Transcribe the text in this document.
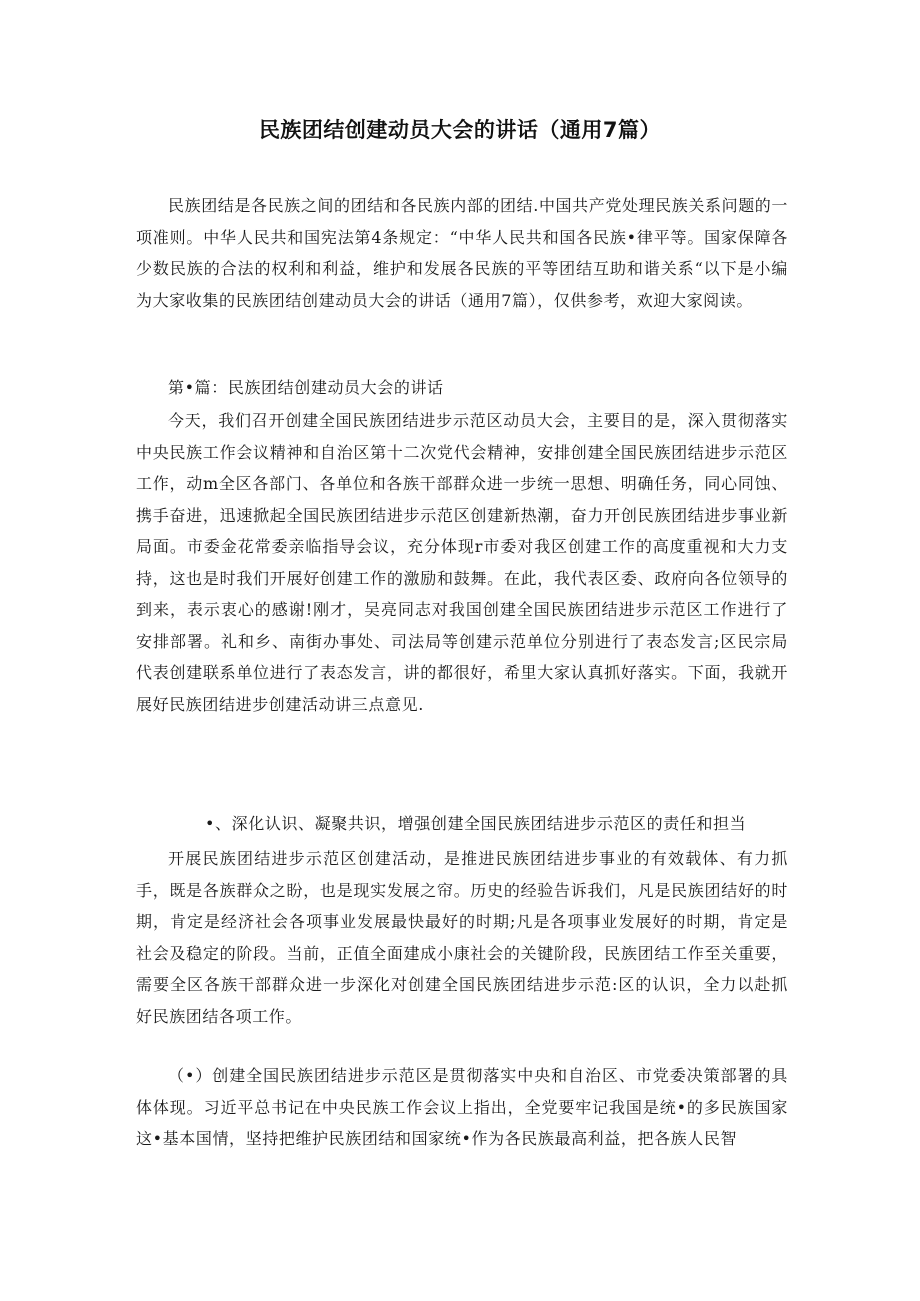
民族团结创建动员大会的讲话（通用7篇）

民族团结是各民族之间的团结和各民族内部的团结.中国共产党处理民族关系问题的一项准则。中华人民共和国宪法第4条规定：“中华人民共和国各民族•律平等。国家保障各少数民族的合法的权利和利益，维护和发展各民族的平等团结互助和谐关系“以下是小编为大家收集的民族团结创建动员大会的讲话（通用7篇），仅供参考，欢迎大家阅读。

第•篇：民族团结创建动员大会的讲话

今天，我们召开创建全国民族团结进步示范区动员大会，主要目的是，深入贯彻落实中央民族工作会议精神和自治区第十二次党代会精神，安排创建全国民族团结进步示范区工作，动m全区各部门、各单位和各族干部群众进一步统一思想、明确任务，同心同蚀、携手奋进，迅速掀起全国民族团结进步示范区创建新热潮，奋力开创民族团结进步事业新局面。市委金花常委亲临指导会议，充分体现r市委对我区创建工作的高度重视和大力支持，这也是时我们开展好创建工作的激励和鼓舞。在此，我代表区委、政府向各位领导的到来，表示衷心的感谢!刚才，吴亮同志对我国创建全国民族团结进步示范区工作进行了安排部署。礼和乡、南街办事处、司法局等创建示范单位分别进行了表态发言;区民宗局代表创建联系单位进行了表态发言，讲的都很好，希里大家认真抓好落实。下面，我就开展好民族团结进步创建活动讲三点意见.

•、深化认识、凝聚共识，增强创建全国民族团结进步示范区的责任和担当

开展民族团结进步示范区创建活动，是推进民族团结进步事业的有效载体、有力抓手，既是各族群众之盼，也是现实发展之帘。历史的经验告诉我们，凡是民族团结好的时期，肯定是经济社会各项事业发展最快最好的时期;凡是各项事业发展好的时期，肯定是社会及稳定的阶段。当前，正值全面建成小康社会的关键阶段，民族团结工作至关重要，需要全区各族干部群众进一步深化对创建全国民族团结进步示范:区的认识，全力以赴抓好民族团结各项工作。

（•）创建全国民族团结进步示范区是贯彻落实中央和自治区、市党委决策部署的具体体现。习近平总书记在中央民族工作会议上指出，全党要牢记我国是统•的多民族国家这•基本国情，坚持把维护民族团结和国家统•作为各民族最高利益，把各族人民智
